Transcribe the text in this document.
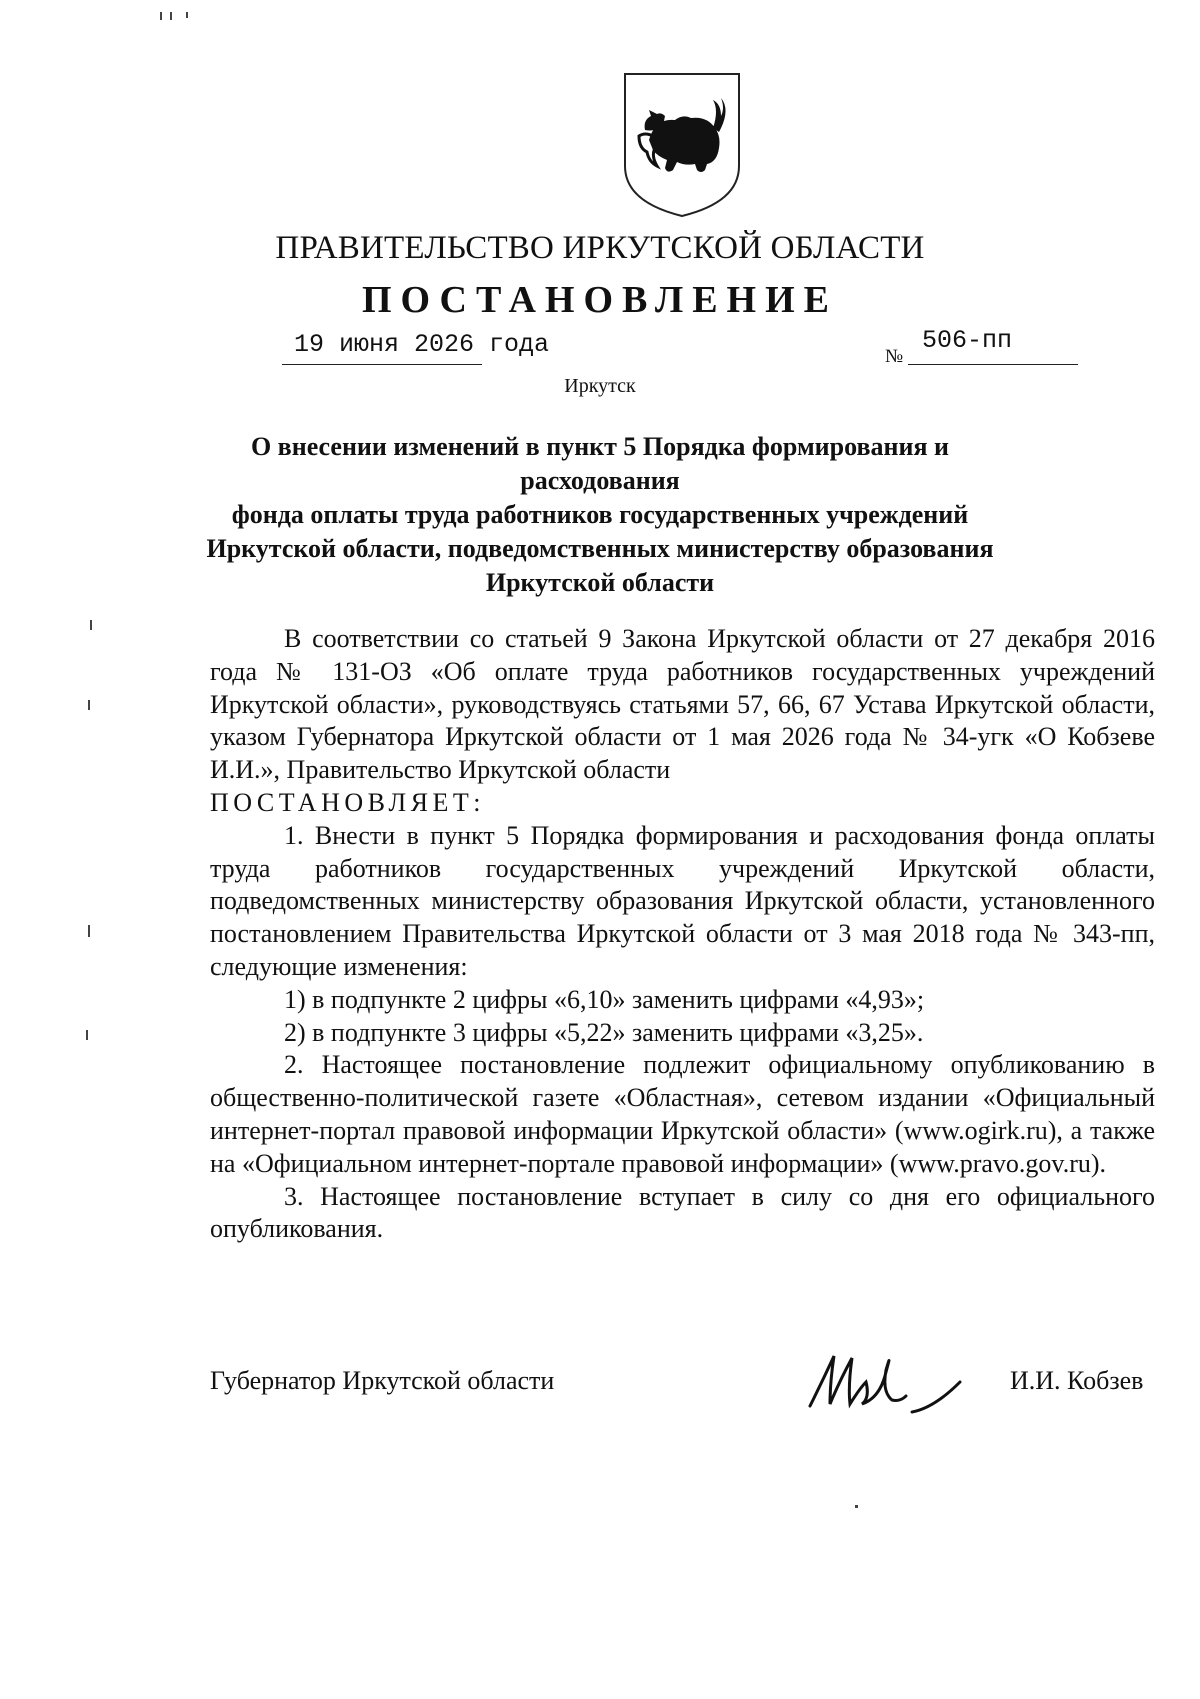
ПРАВИТЕЛЬСТВО ИРКУТСКОЙ ОБЛАСТИ
ПОСТАНОВЛЕНИЕ
19 июня 2026 года	№
506-пп
Иркутск
О внесении изменений в пункт 5 Порядка формирования и расходования
фонда оплаты труда работников государственных учреждений
Иркутской области, подведомственных министерству образования
Иркутской области

В соответствии со статьей 9 Закона Иркутской области от 27 декабря 2016 года № 131-ОЗ «Об оплате труда работников государственных учреждений Иркутской области», руководствуясь статьями 57, 66, 67 Устава Иркутской области, указом Губернатора Иркутской области от 1 мая 2026 года № 34-угк «О Кобзеве И.И.», Правительство Иркутской области

ПОСТАНОВЛЯЕТ:

1. Внести в пункт 5 Порядка формирования и расходования фонда оплаты труда работников государственных учреждений Иркутской области, подведомственных министерству образования Иркутской области, установленного постановлением Правительства Иркутской области от 3 мая 2018 года № 343-пп, следующие изменения:

1) в подпункте 2 цифры «6,10» заменить цифрами «4,93»;

2) в подпункте 3 цифры «5,22» заменить цифрами «3,25».

2. Настоящее постановление подлежит официальному опубликованию в общественно-политической газете «Областная», сетевом издании «Официальный интернет-портал правовой информации Иркутской области» (www.ogirk.ru), а также на «Официальном интернет-портале правовой информации» (www.pravo.gov.ru).

3. Настоящее постановление вступает в силу со дня его официального опубликования.

Губернатор Иркутской области	И.И. Кобзев
